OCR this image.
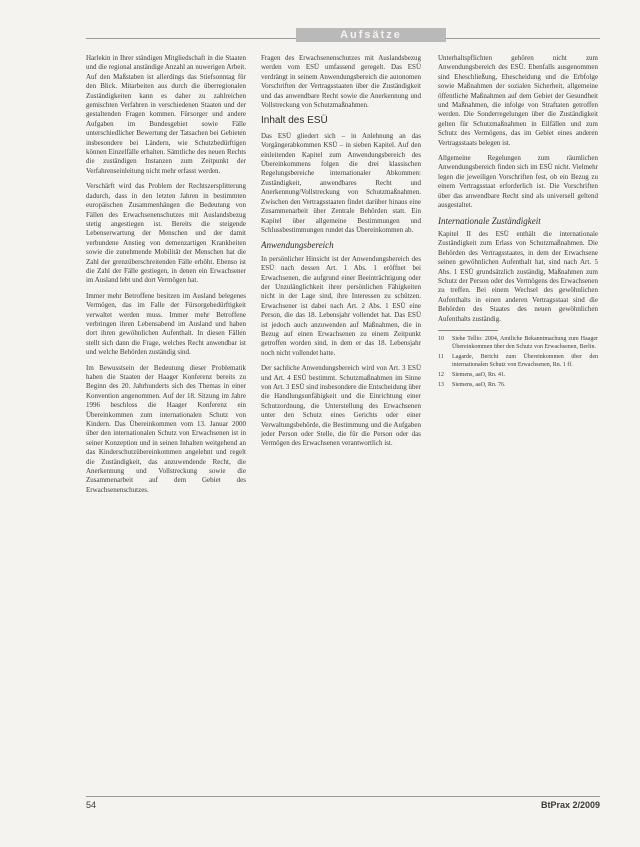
Aufsätze

Harlekin in Ihrer ständigen Mitgliedschaft in die Staaten und die regional anständige Anzahl an nuwerigen Arbeit. Auf den Maßstaben ist allerdings das Stiefsonntag für den Blick. Mitarbeiten aus durch die überregionalen Zuständigkeiten kann es daher zu zahlreichen gemischten Verfahren in verschiedenen Staaten und der gestaltenden Fragen kommen. Fürsorger und andere Aufgaben im Bundesgebiet sowie Fälle unterschiedlicher Bewertung der Tatsachen bei Gebieten insbesondere bei Ländern, wie Schutzbedürftigen können Einzelfälle erhalten. Sämtliche des neuen Rechts die zuständigen Instanzen zum Zeitpunkt der Verfahrenseinleitung nicht mehr erfasst werden.

Verschärft wird das Problem der Rechtszersplitterung dadurch, dass in den letzten Jahren in bestimmten europäischen Zusammenhängen die Bedeutung von Fällen des Erwachsenenschutzes mit Auslandsbezug stetig angestiegen ist. Bereits die steigende Lebenserwartung der Menschen und der damit verbundene Anstieg von demenzartigen Krankheiten sowie die zunehmende Mobilität der Menschen hat die Zahl der grenzüberschreitenden Fälle erhöht. Ebenso ist die Zahl der Fälle gestiegen, in denen ein Erwachsener im Ausland lebt und dort Vermögen hat.

Immer mehr Betroffene besitzen im Ausland belegenes Vermögen, das im Falle der Fürsorgebedürftigkeit verwaltet werden muss. Immer mehr Betroffene verbringen ihren Lebensabend im Ausland und haben dort ihren gewöhnlichen Aufenthalt. In diesen Fällen stellt sich dann die Frage, welches Recht anwendbar ist und welche Behörden zuständig sind.

Im Bewusstsein der Bedeutung dieser Problematik haben die Staaten der Haager Konferenz bereits zu Beginn des 20. Jahrhunderts sich des Themas in einer Konvention angenommen. Auf der 18. Sitzung im Jahre 1996 beschloss die Haager Konferenz ein Übereinkommen zum internationalen Schutz von Kindern. Das Übereinkommen vom 13. Januar 2000 über den internationalen Schutz von Erwachsenen ist in seiner Konzeption und in seinen Inhalten weitgehend an das Kinderschutzübereinkommen angelehnt und regelt die Zuständigkeit, das anzuwendende Recht, die Anerkennung und Vollstreckung sowie die Zusammenarbeit auf dem Gebiet des Erwachsenenschutzes.

Fragen des Erwachsenenschutzes mit Auslandsbezug werden vom ESÜ umfassend geregelt. Das ESÜ verdrängt in seinem Anwendungsbereich die autonomen Vorschriften der Vertragsstaaten über die Zuständigkeit und das anwendbare Recht sowie die Anerkennung und Vollstreckung von Schutzmaßnahmen.

Inhalt des ESÜ

Das ESÜ gliedert sich – in Anlehnung an das Vorgängerabkommen KSÜ – in sieben Kapitel. Auf den einleitenden Kapitel zum Anwendungsbereich des Übereinkommens folgen die drei klassischen Regelungsbereiche internationaler Abkommen: Zuständigkeit, anwendbares Recht und Anerkennung/Vollstreckung von Schutzmaßnahmen. Zwischen den Vertragsstaaten findet darüber hinaus eine Zusammenarbeit über Zentrale Behörden statt. Ein Kapitel über allgemeine Bestimmungen und Schlussbestimmungen rundet das Übereinkommen ab.

Anwendungsbereich

In persönlicher Hinsicht ist der Anwendungsbereich des ESÜ nach dessen Art. 1 Abs. 1 eröffnet bei Erwachsenen, die aufgrund einer Beeinträchtigung oder der Unzulänglichkeit ihrer persönlichen Fähigkeiten nicht in der Lage sind, ihre Interessen zu schützen. Erwachsener ist dabei nach Art. 2 Abs. 1 ESÜ eine Person, die das 18. Lebensjahr vollendet hat. Das ESÜ ist jedoch auch anzuwenden auf Maßnahmen, die in Bezug auf einen Erwachsenen zu einem Zeitpunkt getroffen worden sind, in dem er das 18. Lebensjahr noch nicht vollendet hatte.

Der sachliche Anwendungsbereich wird von Art. 3 ESÜ und Art. 4 ESÜ bestimmt. Schutzmaßnahmen im Sinne von Art. 3 ESÜ sind insbesondere die Entscheidung über die Handlungsunfähigkeit und die Einrichtung einer Schutzordnung, die Unterstellung des Erwachsenen unter den Schutz eines Gerichts oder einer Verwaltungsbehörde, die Bestimmung und die Aufgaben jeder Person oder Stelle, die für die Person oder das Vermögen des Erwachsenen verantwortlich ist.

Unterhaltspflichten gehören nicht zum Anwendungsbereich des ESÜ. Ebenfalls ausgenommen sind Eheschließung, Ehescheidung und die Erbfolge sowie Maßnahmen der sozialen Sicherheit, allgemeine öffentliche Maßnahmen auf dem Gebiet der Gesundheit und Maßnahmen, die infolge von Straftaten getroffen werden. Die Sonderregelungen über die Zuständigkeit gelten für Schutzmaßnahmen in Eilfällen und zum Schutz des Vermögens, das im Gebiet eines anderen Vertragsstaats belegen ist.

Allgemeine Regelungen zum räumlichen Anwendungsbereich finden sich im ESÜ nicht. Vielmehr legen die jeweiligen Vorschriften fest, ob ein Bezug zu einem Vertragsstaat erforderlich ist. Die Vorschriften über das anwendbare Recht sind als universell geltend ausgestaltet.

Internationale Zuständigkeit

Kapitel II des ESÜ enthält die internationale Zuständigkeit zum Erlass von Schutzmaßnahmen. Die Behörden des Vertragsstaates, in dem der Erwachsene seinen gewöhnlichen Aufenthalt hat, sind nach Art. 5 Abs. 1 ESÜ grundsätzlich zuständig, Maßnahmen zum Schutz der Person oder des Vermögens des Erwachsenen zu treffen. Bei einem Wechsel des gewöhnlichen Aufenthalts in einen anderen Vertragsstaat sind die Behörden des Staates des neuen gewöhnlichen Aufenthalts zuständig.

10	Siehe Tellio: 2004, Amtliche Bekanntmachung zum Haager Übereinkommen über den Schutz von Erwachsenen, Berlin.
11	Lagarde, Bericht zum Übereinkommen über den internationalen Schutz von Erwachsenen, Rn. 1 ff.
12	Siemens, aaO, Rn. 41.
13	Siemens, aaO, Rn. 76.
54	BtPrax 2/2009
